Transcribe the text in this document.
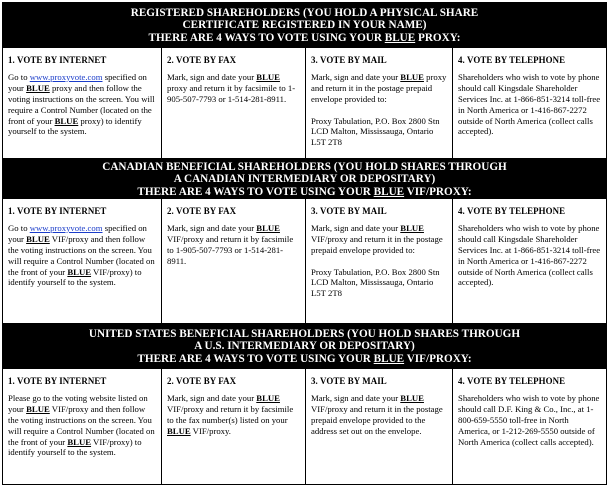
REGISTERED SHAREHOLDERS (YOU HOLD A PHYSICAL SHARE
CERTIFICATE REGISTERED IN YOUR NAME)
THERE ARE 4 WAYS TO VOTE USING YOUR BLUE PROXY:
1. VOTE BY INTERNET

Go to www.proxyvote.com specified on your BLUE proxy and then follow the voting instructions on the screen. You will require a Control Number (located on the front of your BLUE proxy) to identify yourself to the system.

2. VOTE BY FAX

Mark, sign and date your BLUE proxy and return it by facsimile to 1-905-507-7793 or 1-514-281-8911.

3. VOTE BY MAIL

Mark, sign and date your BLUE proxy and return it in the postage prepaid envelope provided to:

Proxy Tabulation, P.O. Box 2800 Stn LCD Malton, Mississauga, Ontario L5T 2T8

4. VOTE BY TELEPHONE

Shareholders who wish to vote by phone should call Kingsdale Shareholder Services Inc. at 1-866-851-3214 toll-free in North America or 1-416-867-2272 outside of North America (collect calls accepted).

CANADIAN BENEFICIAL SHAREHOLDERS (YOU HOLD SHARES THROUGH
A CANADIAN INTERMEDIARY OR DEPOSITARY)
THERE ARE 4 WAYS TO VOTE USING YOUR BLUE VIF/PROXY:
1. VOTE BY INTERNET

Go to www.proxyvote.com specified on your BLUE VIF/proxy and then follow the voting instructions on the screen. You will require a Control Number (located on the front of your BLUE VIF/proxy) to identify yourself to the system.

2. VOTE BY FAX

Mark, sign and date your BLUE VIF/proxy and return it by facsimile to 1-905-507-7793 or 1-514-281-8911.

3. VOTE BY MAIL

Mark, sign and date your BLUE VIF/proxy and return it in the postage prepaid envelope provided to:

Proxy Tabulation, P.O. Box 2800 Stn LCD Malton, Mississauga, Ontario L5T 2T8

4. VOTE BY TELEPHONE

Shareholders who wish to vote by phone should call Kingsdale Shareholder Services Inc. at 1-866-851-3214 toll-free in North America or 1-416-867-2272 outside of North America (collect calls accepted).

UNITED STATES BENEFICIAL SHAREHOLDERS (YOU HOLD SHARES THROUGH
A U.S. INTERMEDIARY OR DEPOSITARY)
THERE ARE 4 WAYS TO VOTE USING YOUR BLUE VIF/PROXY:
1. VOTE BY INTERNET

Please go to the voting website listed on your BLUE VIF/proxy and then follow the voting instructions on the screen. You will require a Control Number (located on the front of your BLUE VIF/proxy) to identify yourself to the system.

2. VOTE BY FAX

Mark, sign and date your BLUE VIF/proxy and return it by facsimile to the fax number(s) listed on your BLUE VIF/proxy.

3. VOTE BY MAIL

Mark, sign and date your BLUE VIF/proxy and return it in the postage prepaid envelope provided to the address set out on the envelope.

4. VOTE BY TELEPHONE

Shareholders who wish to vote by phone should call D.F. King & Co., Inc., at 1-800-659-5550 toll-free in North America, or 1-212-269-5550 outside of North America (collect calls accepted).
